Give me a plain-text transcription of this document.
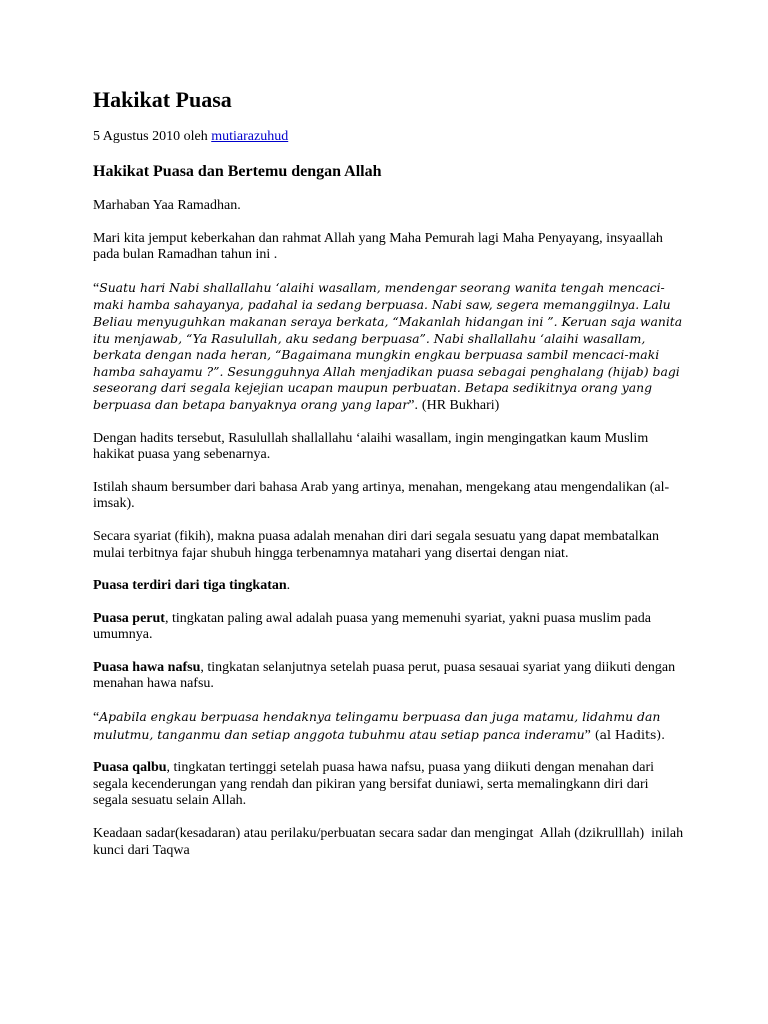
Hakikat Puasa
5 Agustus 2010 oleh mutiarazuhud
Hakikat Puasa dan Bertemu dengan Allah

Marhaban Yaa Ramadhan.

Mari kita jemput keberkahan dan rahmat Allah yang Maha Pemurah lagi Maha Penyayang, insyaallah pada bulan Ramadhan tahun ini .

“Suatu hari Nabi shallallahu ‘alaihi wasallam, mendengar seorang wanita tengah mencaci-maki hamba sahayanya, padahal ia sedang berpuasa. Nabi saw, segera memanggilnya. Lalu Beliau menyuguhkan makanan seraya berkata, “Makanlah hidangan ini ”. Keruan saja wanita itu menjawab, “Ya Rasulullah, aku sedang berpuasa”. Nabi shallallahu ‘alaihi wasallam, berkata dengan nada heran, “Bagaimana mungkin engkau berpuasa sambil mencaci-maki hamba sahayamu ?”. Sesungguhnya Allah menjadikan puasa sebagai penghalang (hijab) bagi seseorang dari segala kejejian ucapan maupun perbuatan. Betapa sedikitnya orang yang berpuasa dan betapa banyaknya orang yang lapar”. (HR Bukhari)

Dengan hadits tersebut, Rasulullah shallallahu ‘alaihi wasallam, ingin mengingatkan kaum Muslim hakikat puasa yang sebenarnya.

Istilah shaum bersumber dari bahasa Arab yang artinya, menahan, mengekang atau mengendalikan (al-imsak).

Secara syariat (fikih), makna puasa adalah menahan diri dari segala sesuatu yang dapat membatalkan mulai terbitnya fajar shubuh hingga terbenamnya matahari yang disertai dengan niat.

Puasa terdiri dari tiga tingkatan.

Puasa perut, tingkatan paling awal adalah puasa yang memenuhi syariat, yakni puasa muslim pada umumnya.

Puasa hawa nafsu, tingkatan selanjutnya setelah puasa perut, puasa sesauai syariat yang diikuti dengan menahan hawa nafsu.

“Apabila engkau berpuasa hendaknya telingamu berpuasa dan juga matamu, lidahmu dan mulutmu, tanganmu dan setiap anggota tubuhmu atau setiap panca inderamu” (al Hadits).

Puasa qalbu, tingkatan tertinggi setelah puasa hawa nafsu, puasa yang diikuti dengan menahan dari segala kecenderungan yang rendah dan pikiran yang bersifat duniawi, serta memalingkann diri dari segala sesuatu selain Allah.

Keadaan sadar(kesadaran) atau perilaku/perbuatan secara sadar dan mengingat  Allah (dzikrulllah)  inilah kunci dari Taqwa
